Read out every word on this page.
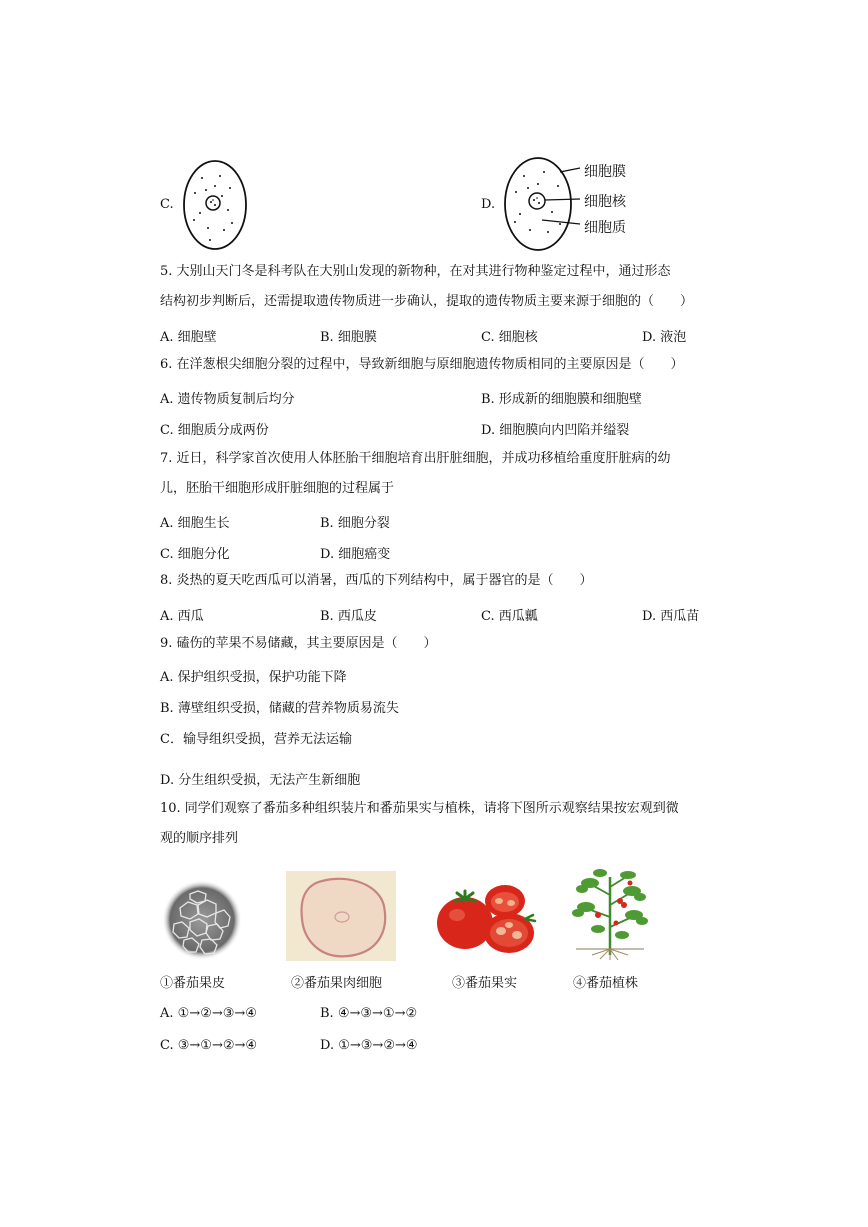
C.	D.
细胞膜
细胞核
细胞质
5. 大别山天门冬是科考队在大别山发现的新物种，在对其进行物种鉴定过程中，通过形态
结构初步判断后，还需提取遗传物质进一步确认，提取的遗传物质主要来源于细胞的（　　）
A. 细胞壁	B. 细胞膜	C. 细胞核	D. 液泡
6. 在洋葱根尖细胞分裂的过程中，导致新细胞与原细胞遗传物质相同的主要原因是（　　）
A. 遗传物质复制后均分	B. 形成新的细胞膜和细胞壁
C. 细胞质分成两份	D. 细胞膜向内凹陷并缢裂
7. 近日，科学家首次使用人体胚胎干细胞培育出肝脏细胞，并成功移植给重度肝脏病的幼
儿，胚胎干细胞形成肝脏细胞的过程属于
A. 细胞生长	B. 细胞分裂
C. 细胞分化	D. 细胞癌变
8. 炎热的夏天吃西瓜可以消暑，西瓜的下列结构中，属于器官的是（　　）
A. 西瓜	B. 西瓜皮	C. 西瓜瓤	D. 西瓜苗
9. 磕伤的苹果不易储藏，其主要原因是（　　）
A. 保护组织受损，保护功能下降
B. 薄壁组织受损，储藏的营养物质易流失
C．输导组织受损，营养无法运输
D. 分生组织受损，无法产生新细胞
10. 同学们观察了番茄多种组织装片和番茄果实与植株，请将下图所示观察结果按宏观到微
观的顺序排列
①番茄果皮	②番茄果肉细胞	③番茄果实	④番茄植株
A. ①→②→③→④	B. ④→③→①→②
C. ③→①→②→④	D. ①→③→②→④
